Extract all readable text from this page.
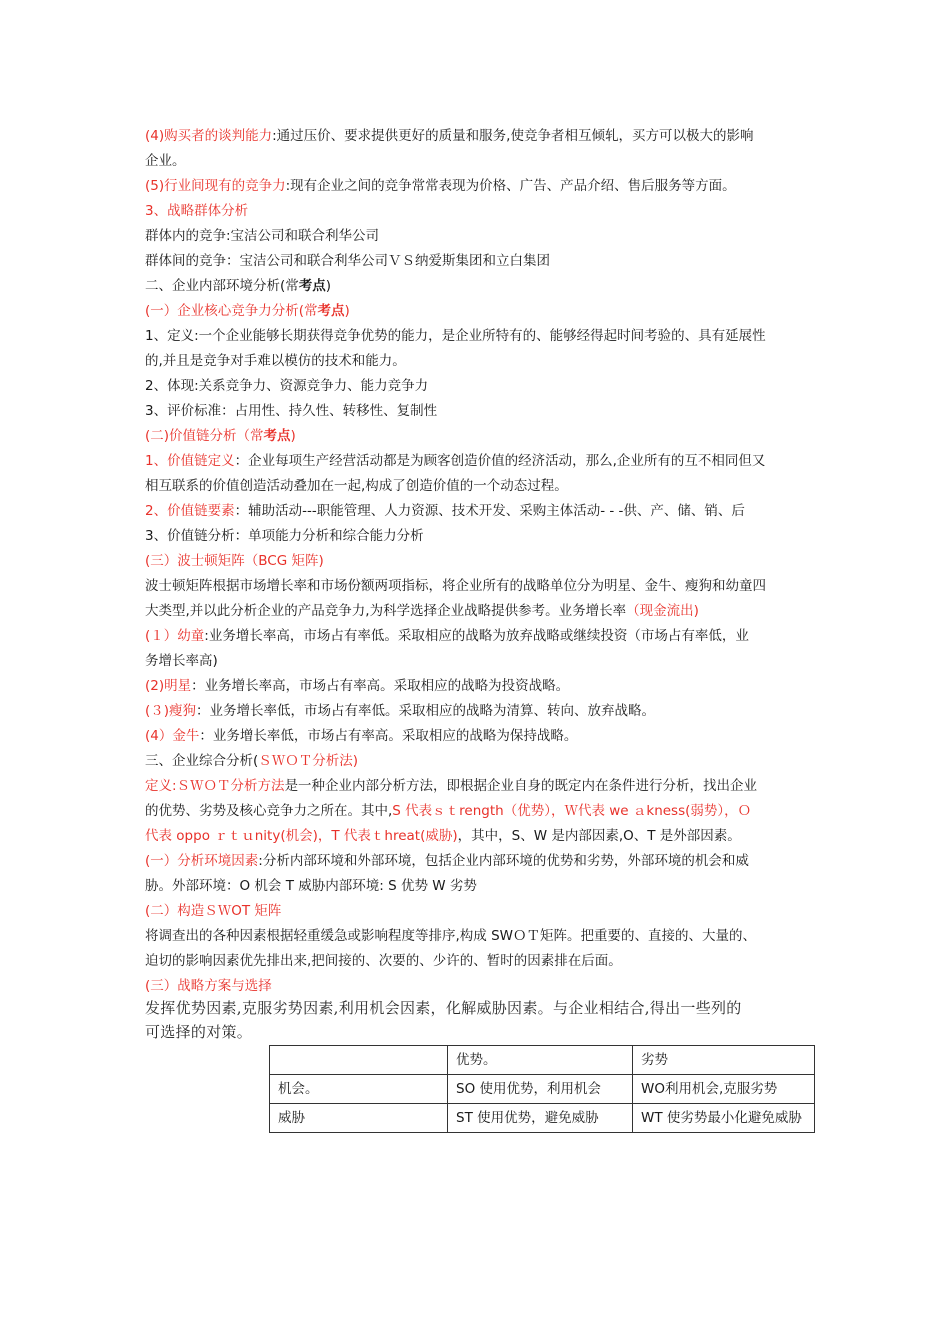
(4)购买者的谈判能力:通过压价、要求提供更好的质量和服务,使竞争者相互倾轧，买方可以极大的影响
企业。
(5)行业间现有的竞争力:现有企业之间的竞争常常表现为价格、广告、产品介绍、售后服务等方面。
3、战略群体分析
群体内的竞争:宝洁公司和联合利华公司
群体间的竞争：宝洁公司和联合利华公司ＶＳ纳爱斯集团和立白集团
二、企业内部环境分析(常考点)
(一）企业核心竞争力分析(常考点)
1、定义:一个企业能够长期获得竞争优势的能力，是企业所特有的、能够经得起时间考验的、具有延展性
的,并且是竞争对手难以模仿的技术和能力。
2、体现:关系竞争力、资源竞争力、能力竞争力
3、评价标准：占用性、持久性、转移性、复制性
(二)价值链分析（常考点)
1、价值链定义：企业每项生产经营活动都是为顾客创造价值的经济活动，那么,企业所有的互不相同但又
相互联系的价值创造活动叠加在一起,构成了创造价值的一个动态过程。
2、价值链要素：辅助活动---职能管理、人力资源、技术开发、采购主体活动- - -供、产、储、销、后
3、价值链分析：单项能力分析和综合能力分析
(三）波士顿矩阵（BCG 矩阵)
波士顿矩阵根据市场增长率和市场份额两项指标，将企业所有的战略单位分为明星、金牛、瘦狗和幼童四
大类型,并以此分析企业的产品竞争力,为科学选择企业战略提供参考。业务增长率（现金流出)
(１）幼童:业务增长率高，市场占有率低。采取相应的战略为放弃战略或继续投资（市场占有率低，业
务增长率高)
(2)明星：业务增长率高，市场占有率高。采取相应的战略为投资战略。
(３)瘦狗：业务增长率低，市场占有率低。采取相应的战略为清算、转向、放弃战略。
(4）金牛：业务增长率低，市场占有率高。采取相应的战略为保持战略。
三、企业综合分析(ＳＷＯＴ分析法)
定义:ＳＷＯＴ分析方法是一种企业内部分析方法，即根据企业自身的既定内在条件进行分析，找出企业
的优势、劣势及核心竞争力之所在。其中,S 代表ｓｔrength（优势），Ｗ代表 we ａkness(弱势），Ｏ
代表 oppo ｒｔｕnity(机会)，T 代表ｔhreat(威胁)，其中，S、W 是内部因素,O、T 是外部因素。
(一）分析环境因素:分析内部环境和外部环境，包括企业内部环境的优势和劣势，外部环境的机会和威
胁。外部环境：O 机会 T 威胁内部环境: S 优势 W 劣势
(二）构造ＳＷOT 矩阵
将调查出的各种因素根据轻重缓急或影响程度等排序,构成 SWＯＴ矩阵。把重要的、直接的、大量的、
迫切的影响因素优先排出来,把间接的、次要的、少许的、暂时的因素排在后面。
(三）战略方案与选择
发挥优势因素,克服劣势因素,利用机会因素，化解威胁因素。与企业相结合,得出一些列的
可选择的对策。
	优势。	劣势
机会。	SO 使用优势，利用机会	WO利用机会,克服劣势
威胁	ST 使用优势，避免威胁	WT 使劣势最小化避免威胁
